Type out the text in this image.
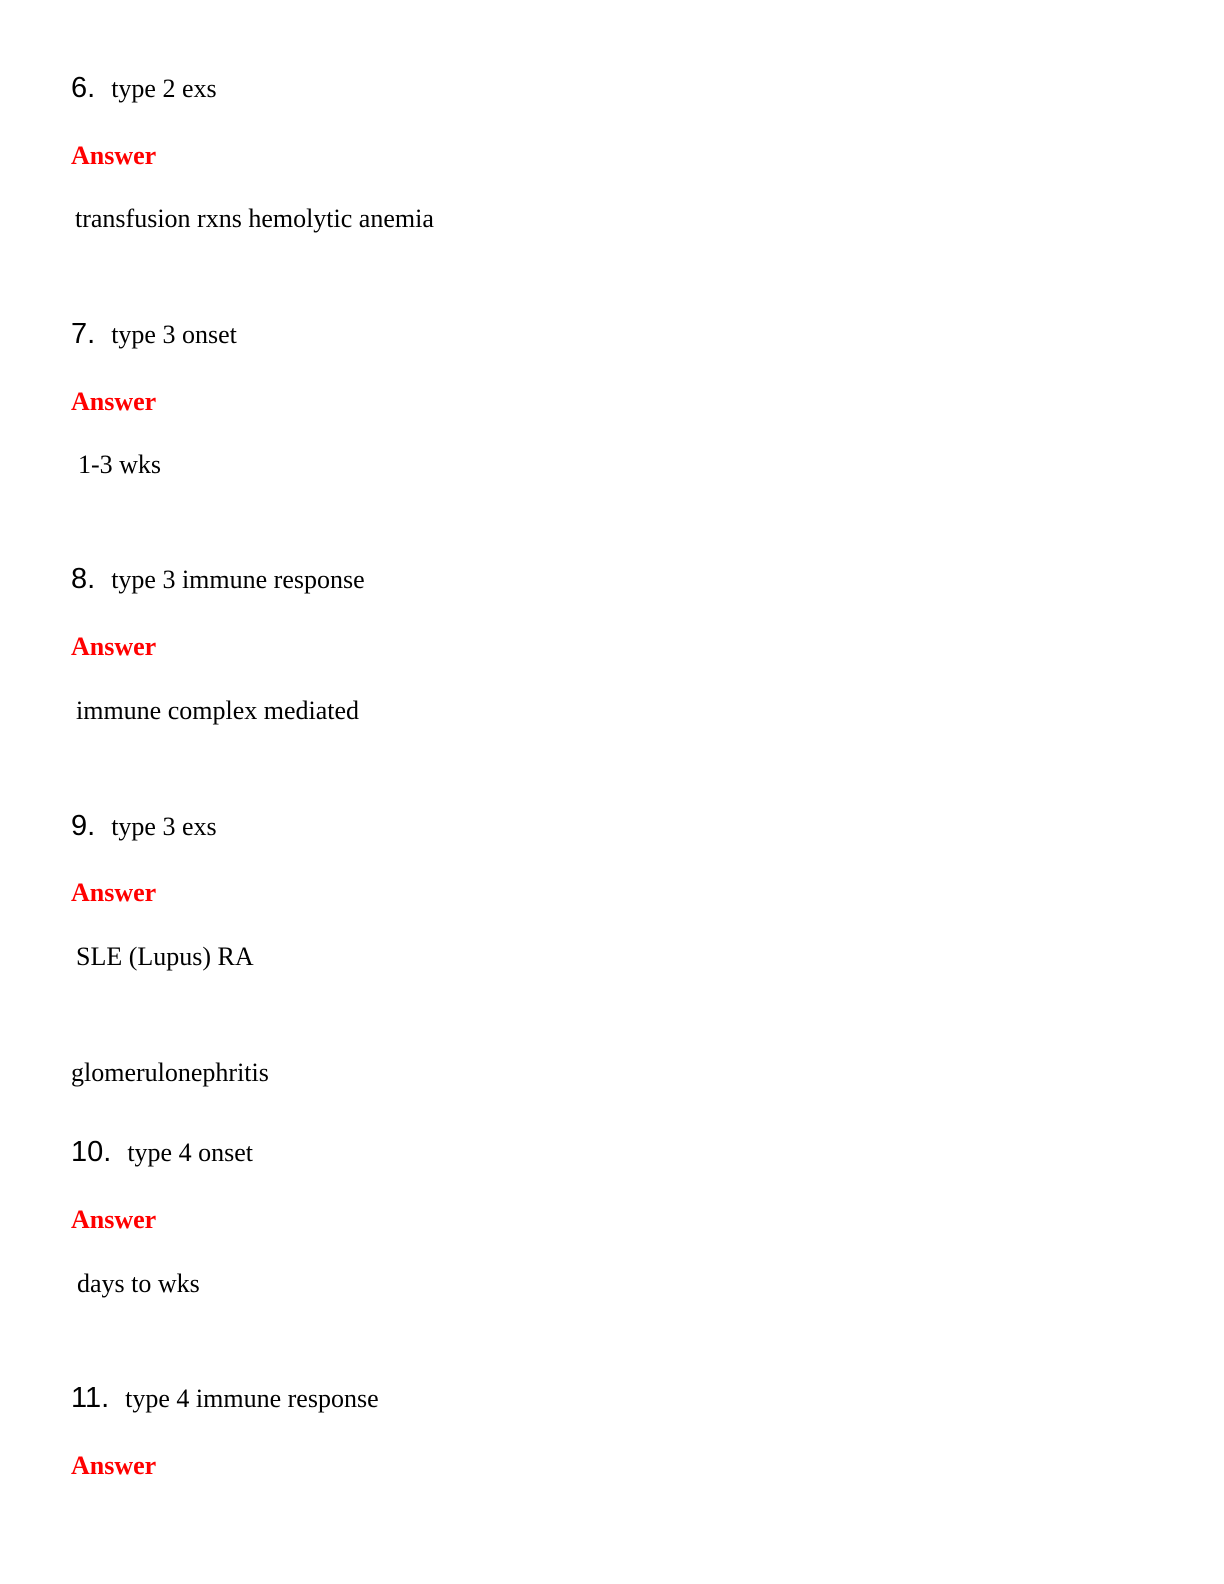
6. type 2 exs
Answer
transfusion rxns hemolytic anemia
7. type 3 onset
Answer
1-3 wks
8. type 3 immune response
Answer
immune complex mediated
9. type 3 exs
Answer
SLE (Lupus) RA
glomerulonephritis
10. type 4 onset
Answer
days to wks
11. type 4 immune response
Answer
